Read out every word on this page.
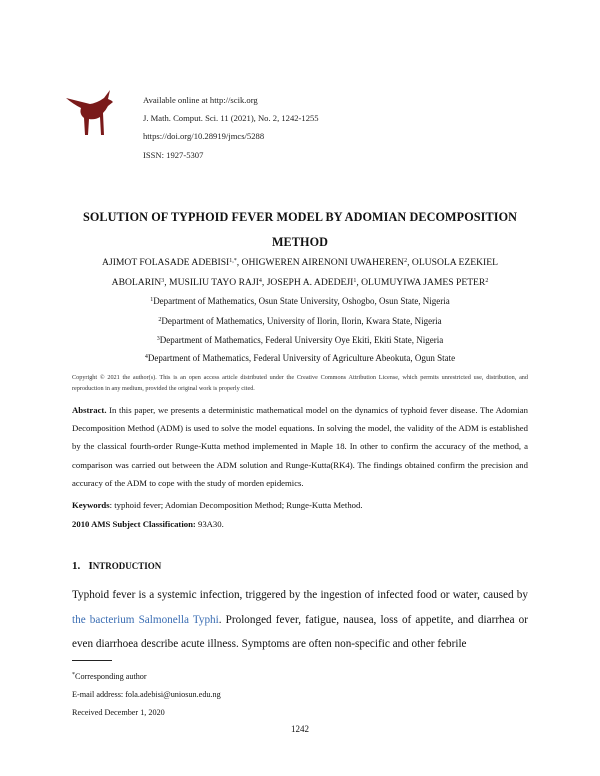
Available online at http://scik.org
J. Math. Comput. Sci. 11 (2021), No. 2, 1242-1255
https://doi.org/10.28919/jmcs/5288
ISSN: 1927-5307
SOLUTION OF TYPHOID FEVER MODEL BY ADOMIAN DECOMPOSITION
METHOD
AJIMOT FOLASADE $ADEBISI^{1,*}$, OHIGWEREN AIRENONI UWAHEREN$^2$, OLUSOLA EZEKIEL
ABOLARIN$^3$, MUSILIU TAYO RAJI$^4$, JOSEPH A. ADEDEJI$^1$, OLUMUYIWA JAMES PETER$^2$
$^1$Department of Mathematics, Osun State University, Oshogbo, Osun State, Nigeria
$^2$Department of Mathematics, University of Ilorin, Ilorin, Kwara State, Nigeria
$^3$Department of Mathematics, Federal University Oye Ekiti, Ekiti State, Nigeria
$^4$Department of Mathematics, Federal University of Agriculture Abeokuta, Ogun State
Copyright © 2021 the author(s). This is an open access article distributed under the Creative Commons Attribution License, which permits unrestricted use, distribution, and reproduction in any medium, provided the original work is properly cited.
Abstract. In this paper, we presents a deterministic mathematical model on the dynamics of typhoid fever disease. The Adomian Decomposition Method (ADM) is used to solve the model equations. In solving the model, the validity of the ADM is established by the classical fourth-order Runge-Kutta method implemented in Maple 18. In other to confirm the accuracy of the method, a comparison was carried out between the ADM solution and Runge-Kutta(RK4). The findings obtained confirm the precision and accuracy of the ADM to cope with the study of morden epidemics.
Keywords: typhoid fever; Adomian Decomposition Method; Runge-Kutta Method.
2010 AMS Subject Classification: 93A30.
1. INTRODUCTION
Typhoid fever is a systemic infection, triggered by the ingestion of infected food or water, caused by the bacterium Salmonella Typhi. Prolonged fever, fatigue, nausea, loss of appetite, and diarrhea or even diarrhoea describe acute illness. Symptoms are often non-specific and other febrile
*Corresponding author
E-mail address: fola.adebisi@uniosun.edu.ng
Received December 1, 2020
1242
